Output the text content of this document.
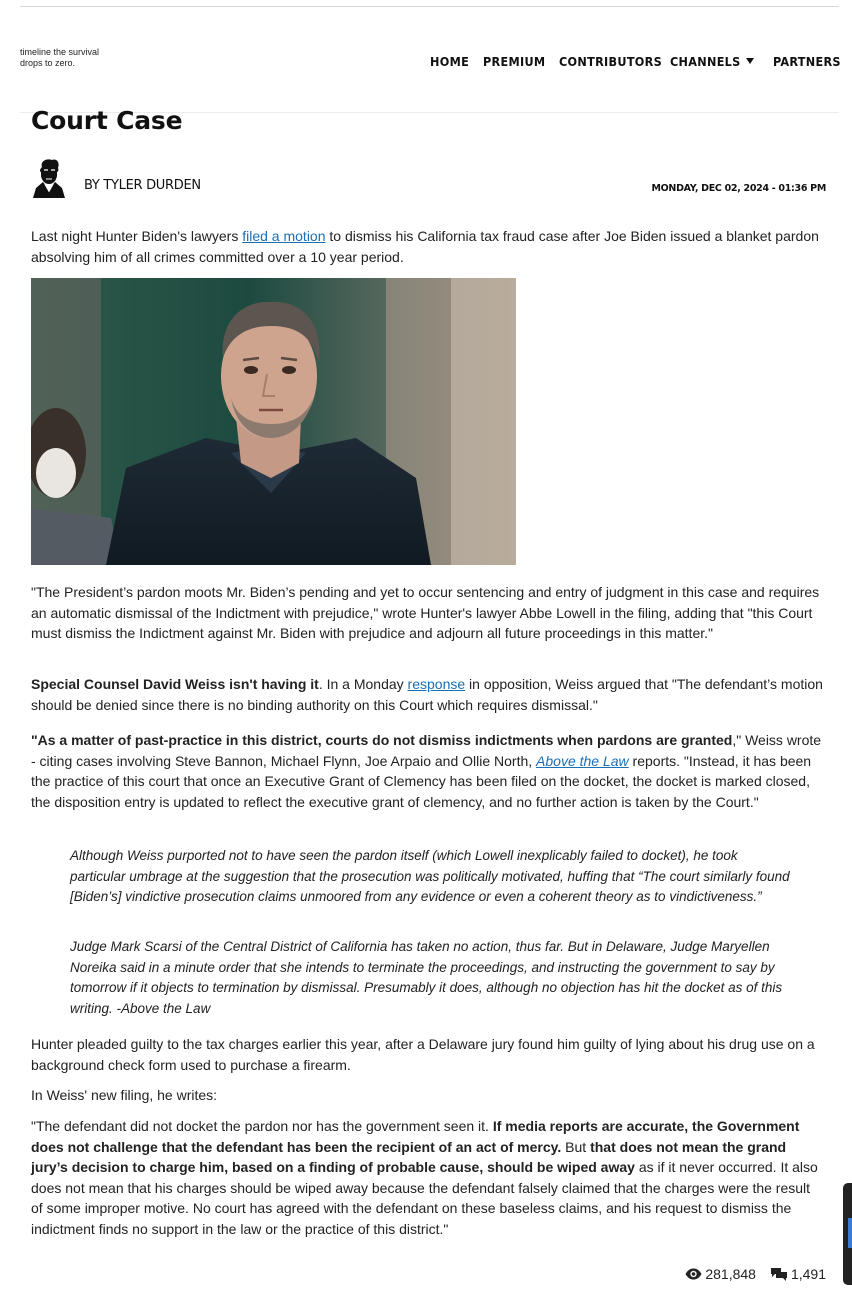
timeline the survival
drops to zero.	HOME PREMIUM CONTRIBUTORS CHANNELS	PARTNERS
Court Case
BY TYLER DURDEN	MONDAY, DEC 02, 2024 - 01:36 PM
Last night Hunter Biden's lawyers filed a motion to dismiss his California tax fraud case after Joe Biden issued a blanket pardon absolving him of all crimes committed over a 10 year period.
"The President’s pardon moots Mr. Biden’s pending and yet to occur sentencing and entry of judgment in this case and requires an automatic dismissal of the Indictment with prejudice," wrote Hunter's lawyer Abbe Lowell in the filing, adding that "this Court must dismiss the Indictment against Mr. Biden with prejudice and adjourn all future proceedings in this matter."
Special Counsel David Weiss isn't having it. In a Monday response in opposition, Weiss argued that "The defendant’s motion should be denied since there is no binding authority on this Court which requires dismissal."
"As a matter of past-practice in this district, courts do not dismiss indictments when pardons are granted," Weiss wrote - citing cases involving Steve Bannon, Michael Flynn, Joe Arpaio and Ollie North, Above the Law reports. "Instead, it has been the practice of this court that once an Executive Grant of Clemency has been filed on the docket, the docket is marked closed, the disposition entry is updated to reflect the executive grant of clemency, and no further action is taken by the Court."
Although Weiss purported not to have seen the pardon itself (which Lowell inexplicably failed to docket), he took particular umbrage at the suggestion that the prosecution was politically motivated, huffing that “The court similarly found [Biden’s] vindictive prosecution claims unmoored from any evidence or even a coherent theory as to vindictiveness.”
Judge Mark Scarsi of the Central District of California has taken no action, thus far. But in Delaware, Judge Maryellen Noreika said in a minute order that she intends to terminate the proceedings, and instructing the government to say by tomorrow if it objects to termination by dismissal. Presumably it does, although no objection has hit the docket as of this writing. -Above the Law
Hunter pleaded guilty to the tax charges earlier this year, after a Delaware jury found him guilty of lying about his drug use on a background check form used to purchase a firearm.
In Weiss' new filing, he writes:
"The defendant did not docket the pardon nor has the government seen it. If media reports are accurate, the Government does not challenge that the defendant has been the recipient of an act of mercy. But that does not mean the grand jury’s decision to charge him, based on a finding of probable cause, should be wiped away as if it never occurred. It also does not mean that his charges should be wiped away because the defendant falsely claimed that the charges were the result of some improper motive. No court has agreed with the defendant on these baseless claims, and his request to dismiss the indictment finds no support in the law or the practice of this district."
281,848	1,491
